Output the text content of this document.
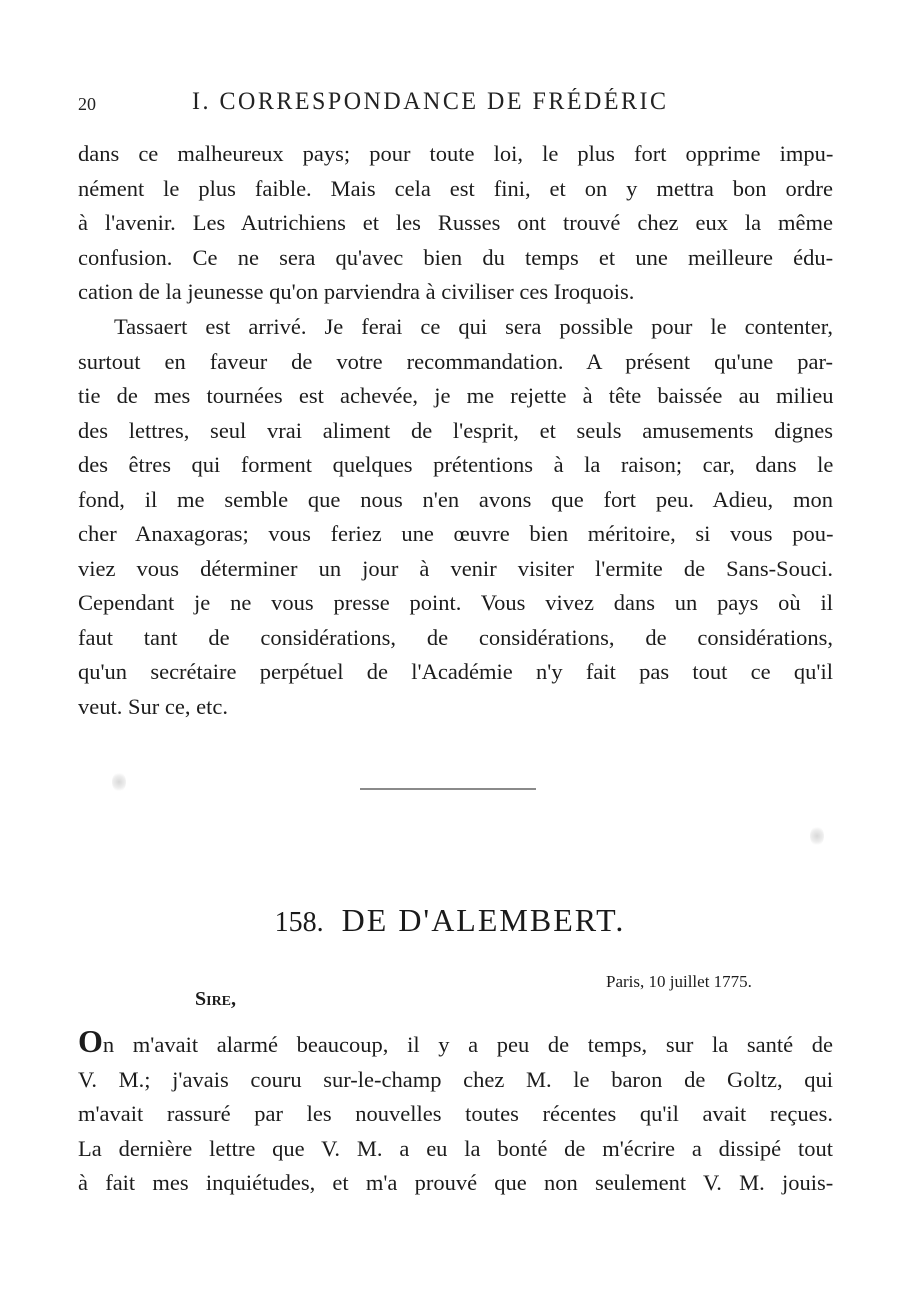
20	I. CORRESPONDANCE DE FRÉDÉRIC
dans ce malheureux pays; pour toute loi, le plus fort opprime impu-
nément le plus faible. Mais cela est fini, et on y mettra bon ordre
à l'avenir. Les Autrichiens et les Russes ont trouvé chez eux la même
confusion. Ce ne sera qu'avec bien du temps et une meilleure édu-
cation de la jeunesse qu'on parviendra à civiliser ces Iroquois.
Tassaert est arrivé. Je ferai ce qui sera possible pour le contenter,
surtout en faveur de votre recommandation. A présent qu'une par-
tie de mes tournées est achevée, je me rejette à tête baissée au milieu
des lettres, seul vrai aliment de l'esprit, et seuls amusements dignes
des êtres qui forment quelques prétentions à la raison; car, dans le
fond, il me semble que nous n'en avons que fort peu. Adieu, mon
cher Anaxagoras; vous feriez une œuvre bien méritoire, si vous pou-
viez vous déterminer un jour à venir visiter l'ermite de Sans-Souci.
Cependant je ne vous presse point. Vous vivez dans un pays où il
faut tant de considérations, de considérations, de considérations,
qu'un secrétaire perpétuel de l'Académie n'y fait pas tout ce qu'il
veut. Sur ce, etc.
158. DE D'ALEMBERT.
Paris, 10 juillet 1775.
Sire,
On m'avait alarmé beaucoup, il y a peu de temps, sur la santé de
V. M.; j'avais couru sur-le-champ chez M. le baron de Goltz, qui
m'avait rassuré par les nouvelles toutes récentes qu'il avait reçues.
La dernière lettre que V. M. a eu la bonté de m'écrire a dissipé tout
à fait mes inquiétudes, et m'a prouvé que non seulement V. M. jouis-
